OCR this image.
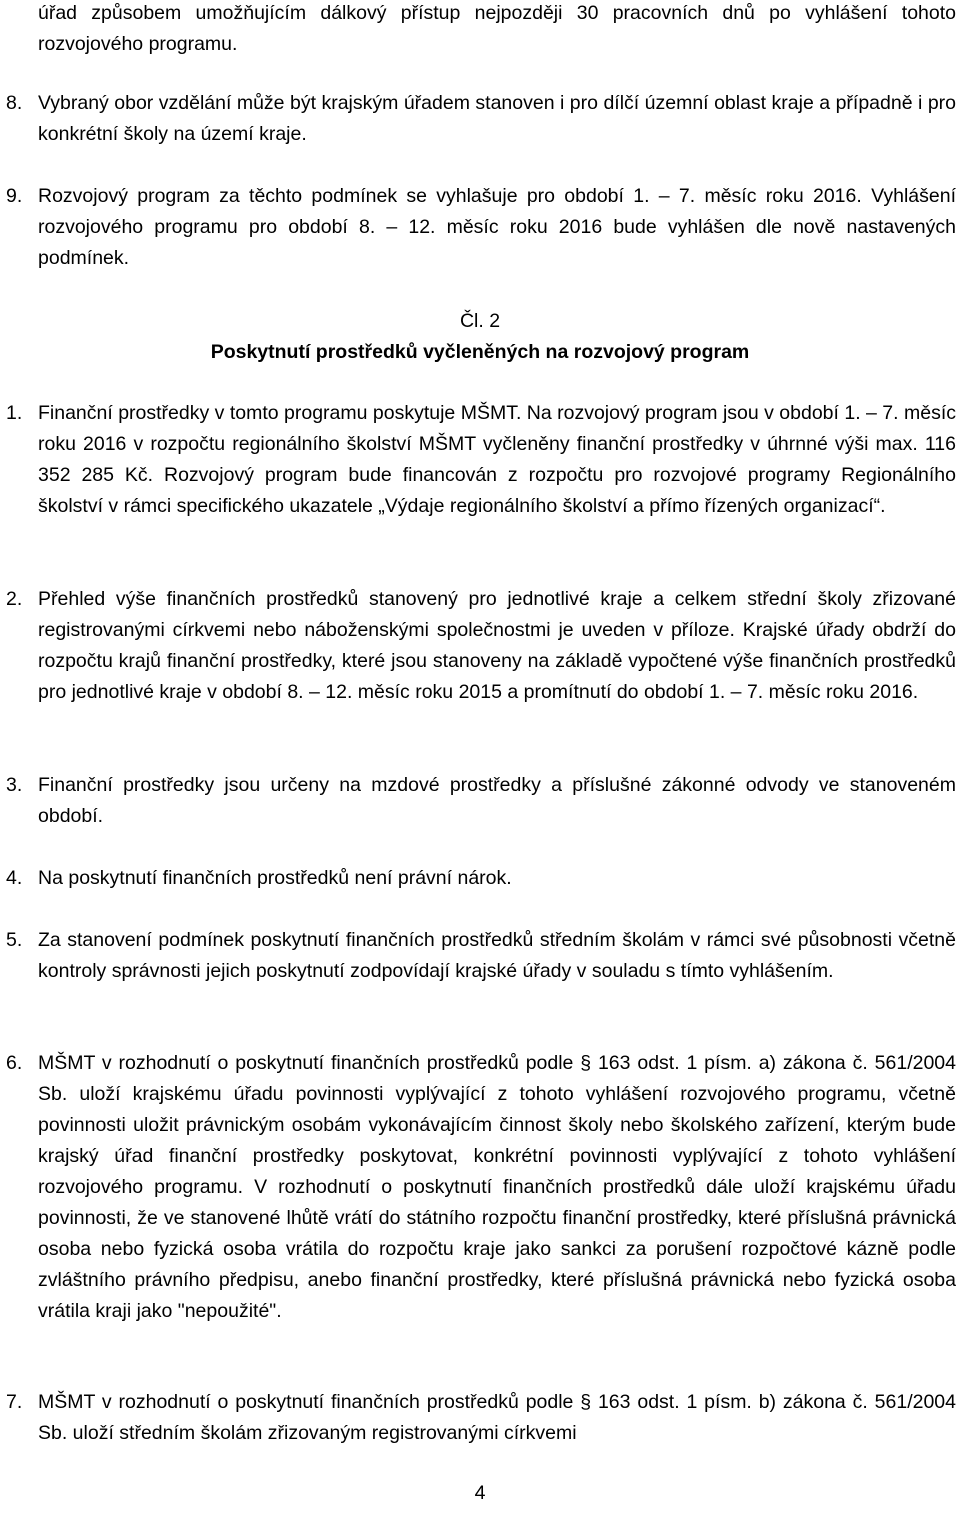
úřad způsobem umožňujícím dálkový přístup nejpozději 30 pracovních dnů po vyhlášení tohoto rozvojového programu.
8. Vybraný obor vzdělání může být krajským úřadem stanoven i pro dílčí územní oblast kraje a případně i pro konkrétní školy na území kraje.
9. Rozvojový program za těchto podmínek se vyhlašuje pro období 1. – 7. měsíc roku 2016. Vyhlášení rozvojového programu pro období 8. – 12. měsíc roku 2016 bude vyhlášen dle nově nastavených podmínek.
Čl. 2
Poskytnutí prostředků vyčleněných na rozvojový program
1. Finanční prostředky v tomto programu poskytuje MŠMT. Na rozvojový program jsou v období 1. – 7. měsíc roku 2016 v rozpočtu regionálního školství MŠMT vyčleněny finanční prostředky v úhrnné výši max. 116 352 285 Kč. Rozvojový program bude financován z rozpočtu pro rozvojové programy Regionálního školství v rámci specifického ukazatele „Výdaje regionálního školství a přímo řízených organizací“.
2. Přehled výše finančních prostředků stanovený pro jednotlivé kraje a celkem střední školy zřizované registrovanými církvemi nebo náboženskými společnostmi je uveden v příloze. Krajské úřady obdrží do rozpočtu krajů finanční prostředky, které jsou stanoveny na základě vypočtené výše finančních prostředků pro jednotlivé kraje v období 8. – 12. měsíc roku 2015 a promítnutí do období 1. – 7. měsíc roku 2016.
3. Finanční prostředky jsou určeny na mzdové prostředky a příslušné zákonné odvody ve stanoveném období.
4. Na poskytnutí finančních prostředků není právní nárok.
5. Za stanovení podmínek poskytnutí finančních prostředků středním školám v rámci své působnosti včetně kontroly správnosti jejich poskytnutí zodpovídají krajské úřady v souladu s tímto vyhlášením.
6. MŠMT v rozhodnutí o poskytnutí finančních prostředků podle § 163 odst. 1 písm. a) zákona č. 561/2004 Sb. uloží krajskému úřadu povinnosti vyplývající z tohoto vyhlášení rozvojového programu, včetně povinnosti uložit právnickým osobám vykonávajícím činnost školy nebo školského zařízení, kterým bude krajský úřad finanční prostředky poskytovat, konkrétní povinnosti vyplývající z tohoto vyhlášení rozvojového programu. V rozhodnutí o poskytnutí finančních prostředků dále uloží krajskému úřadu povinnosti, že ve stanovené lhůtě vrátí do státního rozpočtu finanční prostředky, které příslušná právnická osoba nebo fyzická osoba vrátila do rozpočtu kraje jako sankci za porušení rozpočtové kázně podle zvláštního právního předpisu, anebo finanční prostředky, které příslušná právnická nebo fyzická osoba vrátila kraji jako "nepoužité".
7. MŠMT v rozhodnutí o poskytnutí finančních prostředků podle § 163 odst. 1 písm. b) zákona č. 561/2004 Sb. uloží středním školám zřizovaným registrovanými církvemi
4
